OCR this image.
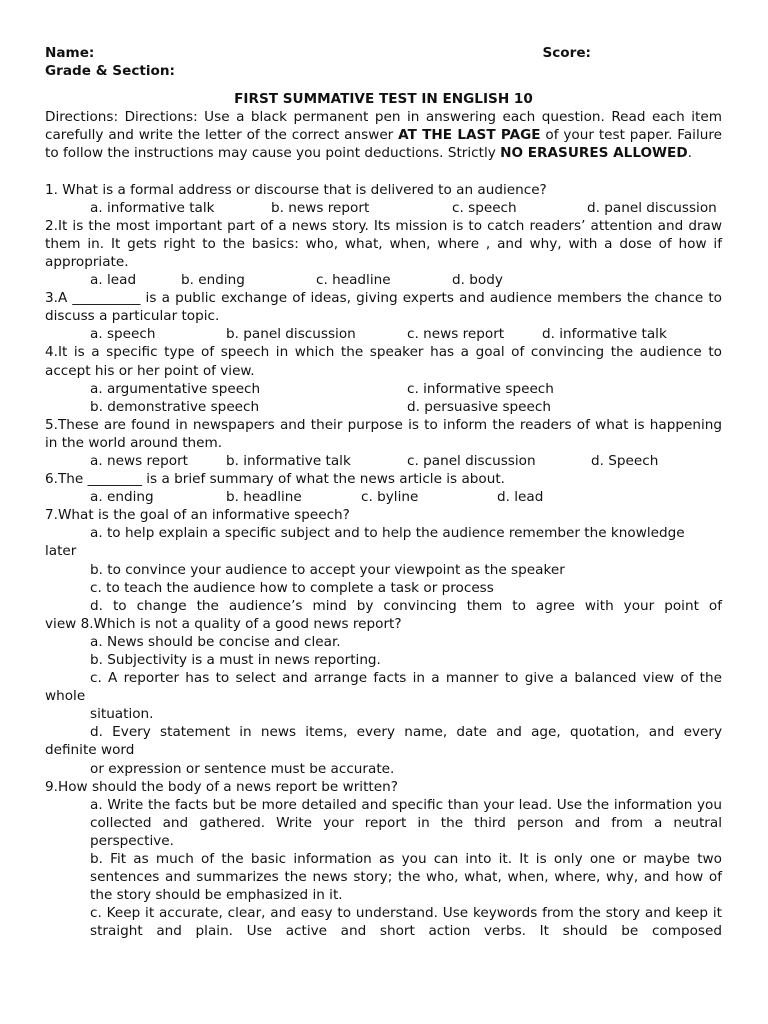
Name:	Score:
Grade & Section:
FIRST SUMMATIVE TEST IN ENGLISH 10
Directions: Directions: Use a black permanent pen in answering each question. Read each item carefully and write the letter of the correct answer AT THE LAST PAGE of your test paper. Failure to follow the instructions may cause you point deductions. Strictly NO ERASURES ALLOWED.
1. What is a formal address or discourse that is delivered to an audience?
a. informative talk	b. news report	c. speech	d. panel discussion
2.It is the most important part of a news story. Its mission is to catch readers’ attention and draw them in. It gets right to the basics: who, what, when, where , and why, with a dose of how if appropriate.
a. lead	b. ending	c. headline	d. body
3.A __________ is a public exchange of ideas, giving experts and audience members the chance to discuss a particular topic.
a. speech	b. panel discussion	c. news report	d. informative talk
4.It is a specific type of speech in which the speaker has a goal of convincing the audience to accept his or her point of view.
a. argumentative speech	c. informative speech
b. demonstrative speech	d. persuasive speech
5.These are found in newspapers and their purpose is to inform the readers of what is happening in the world around them.
a. news report	b. informative talk	c. panel discussion	d. Speech
6.The ________ is a brief summary of what the news article is about.
a. ending	b. headline	c. byline	d. lead
7.What is the goal of an informative speech?
a. to help explain a specific subject and to help the audience remember the knowledge
later
b. to convince your audience to accept your viewpoint as the speaker
c. to teach the audience how to complete a task or process
d. to change the audience’s mind by convincing them to agree with your point of
view 8.Which is not a quality of a good news report?
a. News should be concise and clear.
b. Subjectivity is a must in news reporting.
c. A reporter has to select and arrange facts in a manner to give a balanced view of the
whole
situation.
d. Every statement in news items, every name, date and age, quotation, and every
definite word
or expression or sentence must be accurate.
9.How should the body of a news report be written?
a. Write the facts but be more detailed and specific than your lead. Use the information you collected and gathered. Write your report in the third person and from a neutral perspective.
b. Fit as much of the basic information as you can into it. It is only one or maybe two sentences and summarizes the news story; the who, what, when, where, why, and how of the story should be emphasized in it.
c. Keep it accurate, clear, and easy to understand. Use keywords from the story and keep it straight and plain. Use active and short action verbs. It should be composed
